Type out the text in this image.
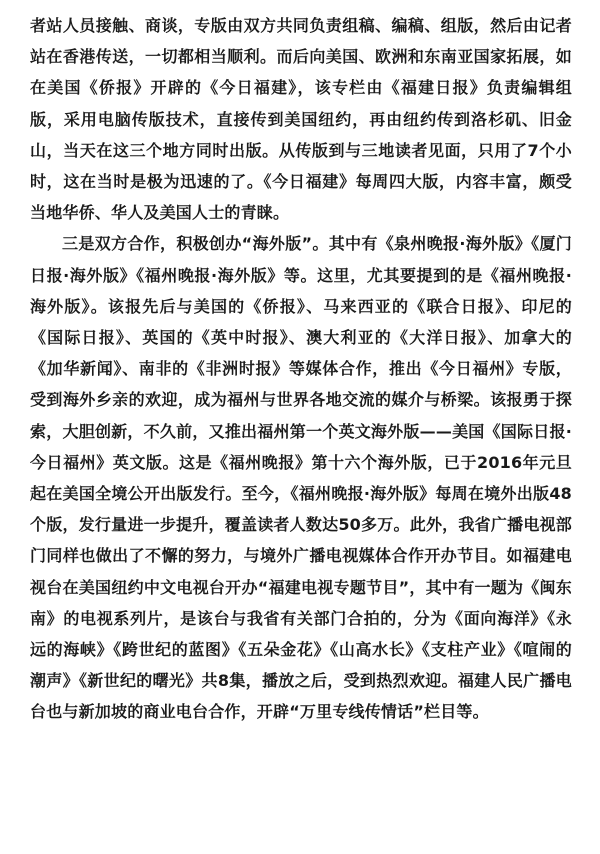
者站人员接触、商谈，专版由双方共同负责组稿、编稿、组版，然后由记者站在香港传送，一切都相当顺利。而后向美国、欧洲和东南亚国家拓展，如在美国《侨报》开辟的《今日福建》，该专栏由《福建日报》负责编辑组版，采用电脑传版技术，直接传到美国纽约，再由纽约传到洛杉矶、旧金山，当天在这三个地方同时出版。从传版到与三地读者见面，只用了7个小时，这在当时是极为迅速的了。《今日福建》每周四大版，内容丰富，颇受当地华侨、华人及美国人士的青睐。

三是双方合作，积极创办“海外版”。其中有《泉州晚报·海外版》《厦门日报·海外版》《福州晚报·海外版》等。这里，尤其要提到的是《福州晚报·海外版》。该报先后与美国的《侨报》、马来西亚的《联合日报》、印尼的《国际日报》、英国的《英中时报》、澳大利亚的《大洋日报》、加拿大的《加华新闻》、南非的《非洲时报》等媒体合作，推出《今日福州》专版，受到海外乡亲的欢迎，成为福州与世界各地交流的媒介与桥梁。该报勇于探索，大胆创新，不久前，又推出福州第一个英文海外版——美国《国际日报·今日福州》英文版。这是《福州晚报》第十六个海外版，已于2016年元旦起在美国全境公开出版发行。至今，《福州晚报·海外版》每周在境外出版48个版，发行量进一步提升，覆盖读者人数达50多万。此外，我省广播电视部门同样也做出了不懈的努力，与境外广播电视媒体合作开办节目。如福建电视台在美国纽约中文电视台开办“福建电视专题节目”，其中有一题为《闽东南》的电视系列片，是该台与我省有关部门合拍的，分为《面向海洋》《永远的海峡》《跨世纪的蓝图》《五朵金花》《山高水长》《支柱产业》《喧闹的潮声》《新世纪的曙光》共8集，播放之后，受到热烈欢迎。福建人民广播电台也与新加坡的商业电台合作，开辟“万里专线传情话”栏目等。
